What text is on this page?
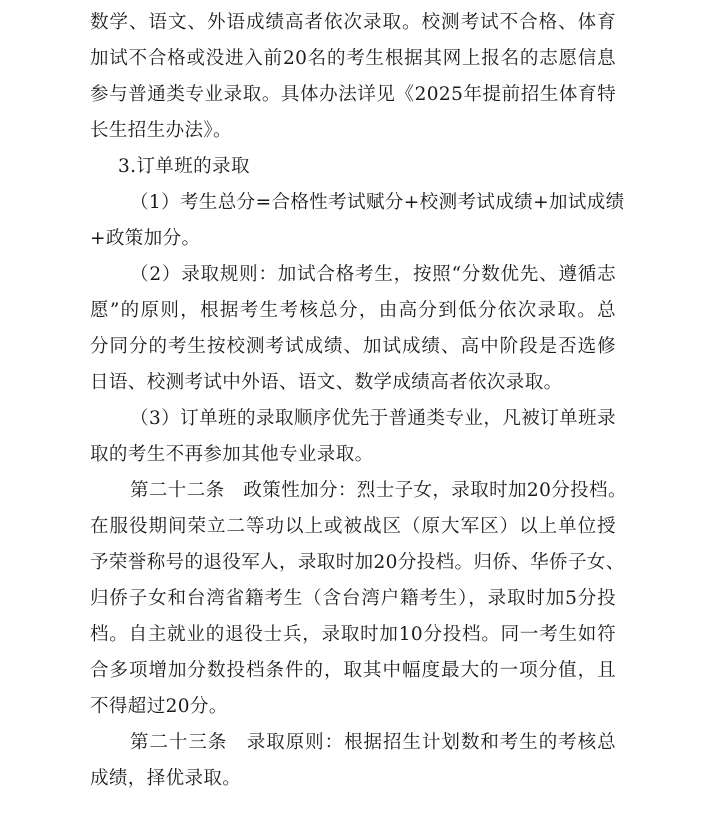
数学、语文、外语成绩高者依次录取。校测考试不合格、体育
加试不合格或没进入前20名的考生根据其网上报名的志愿信息
参与普通类专业录取。具体办法详见《2025年提前招生体育特
长生招生办法》。
3.订单班的录取
（1）考生总分=合格性考试赋分+校测考试成绩+加试成绩
+政策加分。
（2）录取规则：加试合格考生，按照“分数优先、遵循志
愿”的原则，根据考生考核总分，由高分到低分依次录取。总
分同分的考生按校测考试成绩、加试成绩、高中阶段是否选修
日语、校测考试中外语、语文、数学成绩高者依次录取。
（3）订单班的录取顺序优先于普通类专业，凡被订单班录
取的考生不再参加其他专业录取。
第二十二条　政策性加分：烈士子女，录取时加20分投档。
在服役期间荣立二等功以上或被战区（原大军区）以上单位授
予荣誉称号的退役军人，录取时加20分投档。归侨、华侨子女、
归侨子女和台湾省籍考生（含台湾户籍考生），录取时加5分投
档。自主就业的退役士兵，录取时加10分投档。同一考生如符
合多项增加分数投档条件的，取其中幅度最大的一项分值，且
不得超过20分。
第二十三条　录取原则：根据招生计划数和考生的考核总
成绩，择优录取。
